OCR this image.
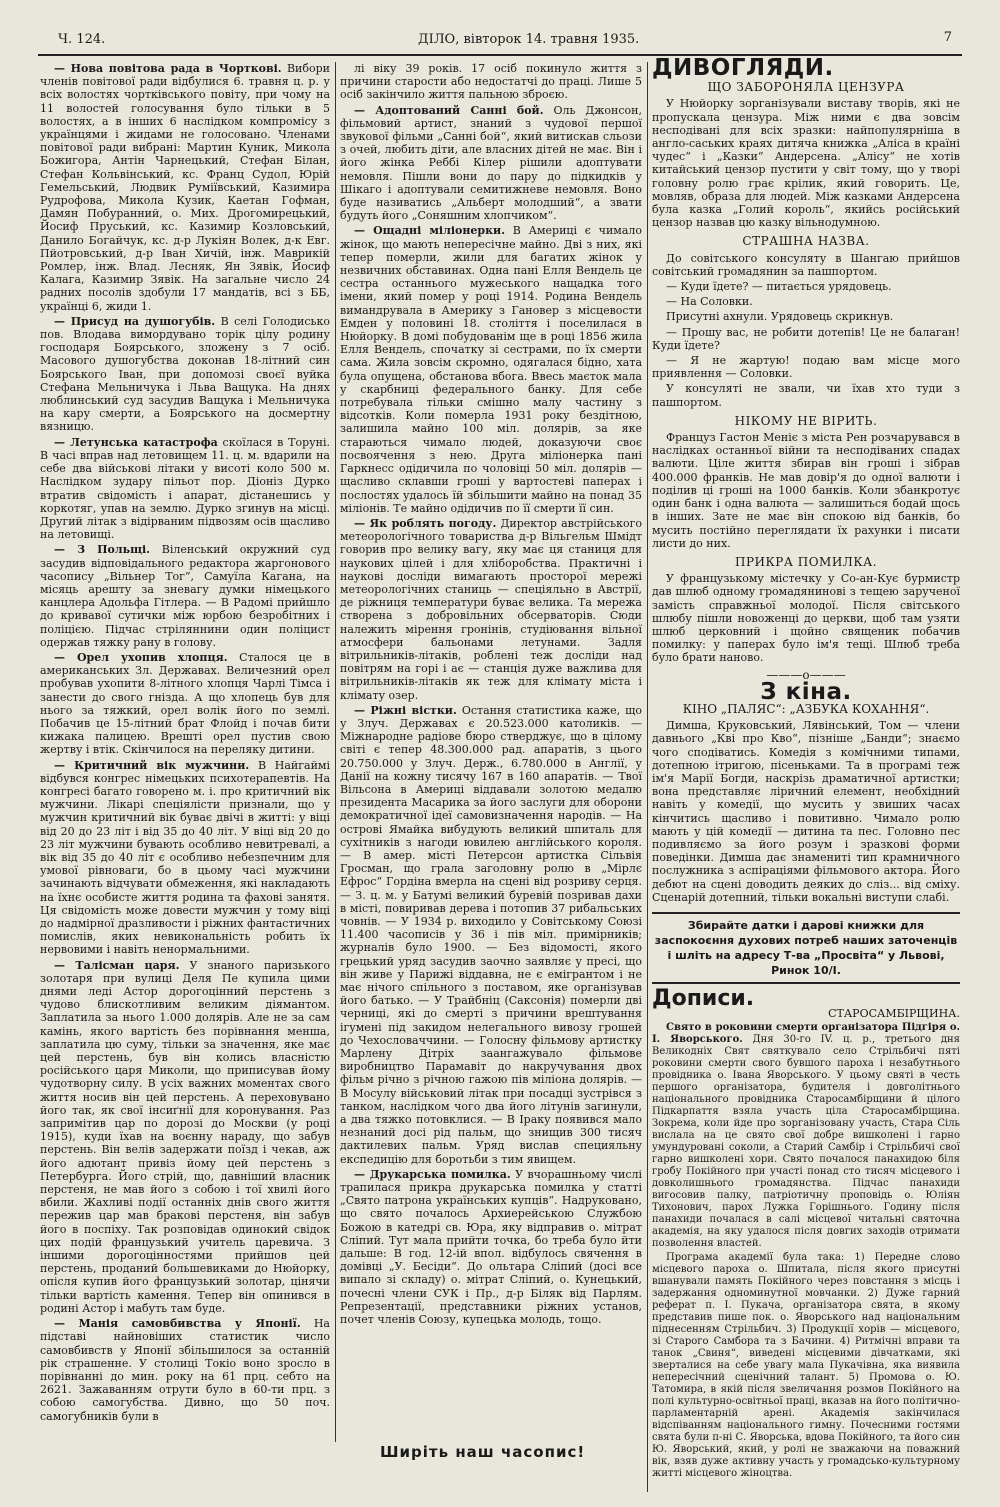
Ч. 124.	ДІЛО, вівторок 14. травня 1935.	7

— Нова повітова рада в Чорткові. Вибори членів повітової ради відбулися 6. травня ц. р. у всіх волостях чортківського повіту, при чому на 11 волостей голосування було тільки в 5 волостях, а в інших 6 наслідком компромісу з українцями і жидами не голосовано. Членами повітової ради вибрані: Мартин Куник, Микола Божигора, Антін Чарнецький, Стефан Білан, Стефан Кольвінський, кс. Франц Судол, Юрій Гемельський, Людвик Руміївський, Казимира Рудрофова, Микола Кузик, Каетан Гофман, Дамян Побуранний, о. Мих. Дрогомирецький, Йосиф Пруський, кс. Казимир Козловський, Данило Богайчук, кс. д-р Лукіян Волек, д-к Евг. Пйотровський, д-р Іван Хичій, інж. Маврикій Ромлер, інж. Влад. Лесняк, Ян Зявік, Йосиф Калага, Казимир Зявік. На загальне число 24 радних посолів здобули 17 мандатів, всі з ББ, українці 6, жиди 1.

— Присуд на душогубів. В селі Голодисько пов. Влодава вимордувано торік цілу родину господаря Боярського, зложену з 7 осіб. Масового душогубства доконав 18-літний син Боярського Іван, при допомозі своєї вуйка Стефана Мельничука і Льва Ващука. На днях люблинський суд засудив Ващука і Мельничука на кару смерти, а Боярського на досмертну вязницю.

— Летунська катастрофа скоїлася в Торуні. В часі вправ над летовищем 11. ц. м. вдарили на себе два військові літаки у висоті коло 500 м. Наслідком зудару пільот пор. Діоніз Дурко втратив свідомість і апарат, дістанешись у коркотяг, упав на землю. Дурко згинув на місці. Другий літак з відірваним підвозям осів щасливо на летовищі.

— З Польщі. Віленський окружний суд засудив відповідального редактора жаргонового часопису „Вільнер Тог“, Самуїла Кагана, на місяць арешту за зневагу думки німецького канцлера Адольфа Гітлера. — В Радомі прийшло до кривавої сутички між юрбою безробітних і поліцією. Підчас стріляннини один поліцист одержав тяжку рану в голову.

— Орел ухопив хлопця. Сталося це в американських Зл. Державах. Величезний орел пробував ухопити 8-літного хлопця Чарлі Тімса і занести до свого гнізда. А що хлопець був для нього за тяжкий, орел волік його по землі. Побачив це 15-літний брат Флойд і почав бити кижака палицею. Врешті орел пустив свою жертву і втік. Скінчилося на переляку дитини.

— Критичний вік мужчини. В Найгаймі відбувся конгрес німецьких психотерапевтів. На конгресі багато говорено м. і. про критичний вік мужчини. Лікарі спеціялісти признали, що у мужчин критичний вік буває двічі в житті: у віці від 20 до 23 літ і від 35 до 40 літ. У віці від 20 до 23 літ мужчини бувають особливо невитревалі, а вік від 35 до 40 літ є особливо небезпечним для умової рівноваги, бо в цьому часі мужчини зачинають відчувати обмеження, які накладають на їхнє особисте життя родина та фахові занятя. Ця свідомість може довести мужчин у тому віці до надмірної дразливости і ріжних фантастичних помислів, яких невикональність робить їх нервовими і навіть ненормальними.

— Талісман царя. У знаного паризького золотаря при вулиці Деля Пе купила цими днями леді Астор дорогоцінний перстень з чудово блискотливим великим діямантом. Заплатила за нього 1.000 долярів. Але не за сам камінь, якого вартість без порівнання менша, заплатила цю суму, тільки за значення, яке має цей перстень, був він колись власністю російського царя Миколи, що приписував йому чудотворну силу. В усіх важних моментах свого життя носив він цей перстень. А переховувано його так, як свої інсиґнії для коронування. Раз запримітив цар по дорозі до Москви (у році 1915), куди їхав на воєнну нараду, що забув перстень. Він велів задержати поїзд і чекав, аж його адютант привіз йому цей перстень з Петербурга. Його стрій, що, давніший власник перстеня, не мав його з собою і тої хвилі його вбили. Жахливі події останніх днів свого життя пережив цар мав бракові перстеня, він забув його в поспіху. Так розповідав одинокий свідок цих подій французький учитель царевича. З іншими дорогоцінностями прийшов цей перстень, проданий большевиками до Нюйорку, опісля купив його французький золотар, цінячи тільки вартість камення. Тепер він опинився в родині Астор і мабуть там буде.

— Манія самовбивства у Японії. На підставі найновіших статистик число самовбивств у Японії збільшилося за останній рік страшенне. У столиці Токіо воно зросло в порівнанні до мин. року на 61 прц. себто на 2621. Зажаванням отрути було в 60-ти прц. з собою самогубства. Дивно, що 50 поч. самогубників були в

лі віку 39 років. 17 осіб покинуло життя з причини старости або недостатчі до праці. Лише 5 осіб закінчило життя пальною зброєю.

— Адоптований Санні бой. Оль Джонсон, фільмовий артист, знаний з чудової першої звукової фільми „Санні бой“, який витискав сльози з очей, любить діти, але власних дітей не має. Він і його жінка Реббі Кілер рішили адоптувати немовля. Пішли вони до пару до підкидків у Шікаго і адоптували семитижневе немовля. Воно буде називатись „Альберт молодший“, а звати будуть його „Соняшним хлопчиком“.

— Ощадні міліонерки. В Америці є чимало жінок, що мають непересічне майно. Дві з них, які тепер померли, жили для багатих жінок у незвичних обставинах. Одна пані Елля Вендель це сестра останнього мужеського нащадка того імени, який помер у році 1914. Родина Вендель вимандрувала в Америку з Гановер з місцевости Емден у половині 18. століття і поселилася в Нюйорку. В домі побудованім ще в році 1856 жила Елля Вендель, спочатку зі сестрами, по їх смерти сама. Жила зовсім скромно, одягалася бідно, хата була опущена, обстанова вбога. Ввесь маєток мала у скарбниці федерального банку. Для себе потребувала тільки смішно малу частину з відсотків. Коли померла 1931 року бездітною, залишила майно 100 міл. долярів, за яке стараються чимало людей, доказуючи своє посвоячення з нею. Друга міліонерка пані Гаркнесс одідичила по чоловіці 50 міл. долярів — щасливо склавши гроші у вартостеві паперах і послостях удалось їй збільшити майно на понад 35 міліонів. Те майно одідичив по її смерти її син.

— Як роблять погоду. Директор австрійського метеорологічного товариства д-р Вільгельм Шмідт говорив про велику вагу, яку має ця станиця для наукових цілей і для хліборобства. Практичні і наукові досліди вимагають просторої мережі метеорологічних станиць — спеціяльно в Австрії, де ріжниця температури буває велика. Та мережа створена з добровільних обсерваторів. Сюди належить мірення гронінів, студіювання вільної атмосфери бальонами летунами. Задля вітрильників-літаків, роблені теж досліди над повітрям на горі і ає — станція дуже важлива для вітрильників-літаків як теж для клімату міста і клімату озер.

— Ріжні вістки. Остання статистика каже, що у Злуч. Державах є 20.523.000 католиків. — Міжнародне радіове бюро стверджує, що в цілому світі є тепер 48.300.000 рад. апаратів, з цього 20.750.000 у Злуч. Держ., 6.780.000 в Англії, у Данії на кожну тисячу 167 в 160 апаратів. — Твої Вільсона в Америці віддавали золотою медалю президента Масарика за його заслуги для оборони демократичної ідеї самовизначення народів. — На острові Ямайка вибудують великий шпиталь для сухітників з нагоди ювилею англійського короля. — В амер. місті Петерсон артистка Сільвія Гросман, що грала заголовну ролю в „Мірлє Ефрос“ Гордіна вмерла на сцені від розриву серця. — З. ц. м. у Батумі великий буревій позривав дахи в місті, повиривав дерева і потопив 37 рибальських човнів. — У 1934 р. виходило у Совітському Союзі 11.400 часописів у 36 і пів міл. примірників; журналів було 1900. — Без відомості, якого грецький уряд засудив заочно заявляє у пресі, що він живе у Парижі віддавна, не є емігрантом і не має нічого спільного з поставом, яке організував його батько. — У Трайбніц (Саксонія) померли дві черниці, які до смерті з причини врештування ігумені під закидом нелегального вивозу грошей до Чехословаччини. — Голосну фільмову артистку Марлену Дітріх заангажувало фільмове виробництво Парамавіт до накручування двох фільм річно з річною гажою пів міліона долярів. — В Мосулу військовий літак при посадці зустрівся з танком, наслідком чого два його літунів загинули, а два тяжко потовклися. — В Іраку появився мало незнаний досі рід пальм, що знищив 300 тисяч дактилевих пальм. Уряд вислав специяльну експедицію для боротьби з тим явищем.

— Друкарська помилка. У вчорашньому числі трапилася прикра друкарська помилка у статті „Свято патрона українських купців“. Надруковано, що свято почалось Архиерейською Службою Божою в катедрі св. Юра, яку відправив о. мітрат Сліпий. Тут мала прийти точка, бо треба було йти дальше: В год. 12-ій впол. відбулось свячення в домівці „У. Бесіди“. До ольтара Сліпий (досі все випало зі складу) о. мітрат Сліпий, о. Кунецький, почесні члени СУК і Пр., д-р Біляк від Парлям. Репрезентації, представники ріжних установ, почет членів Союзу, купецька молодь, тощо.

ДИВОГЛЯДИ.
ЩО ЗАБОРОНЯЛА ЦЕНЗУРА

У Нюйорку зорганізували виставу творів, які не пропускала цензура. Між ними є два зовсім несподівані для всіх зразки: найпопулярніша в англо-саських краях дитяча книжка „Аліса в країні чудес“ і „Казки“ Андерсена. „Алісу“ не хотів китайський цензор пустити у світ тому, що у творі головну ролю грає крілик, який говорить. Це, мовляв, образа для людей. Між казками Андерсена була казка „Голий король“, якийсь російський цензор назвав цю казку вільнодумною.

СТРАШНА НАЗВА.

До совітського консуляту в Шангаю прийшов совітський громадянин за пашпортом.

— Куди їдете? — питається урядовець.

— На Соловки.

Присутні ахнули. Урядовець скрикнув.

— Прошу вас, не робити дотепів! Це не балаган! Куди їдете?

— Я не жартую! подаю вам місце мого приявлення — Соловки.

У консуляті не звали, чи їхав хто туди з пашпортом.

НІКОМУ НЕ ВІРИТЬ.

Француз Гастон Меніє з міста Рен розчарувався в наслідках останньої війни та несподіваних спадах валюти. Ціле життя збирав він гроші і зібрав 400.000 франків. Не мав довір'я до одної валюти і поділив ці гроші на 1000 банків. Коли збанкротує один банк і одна валюта — залишиться бодай щось в інших. Зате не має він спокою від банків, бо мусить постійно переглядати їх рахунки і писати листи до них.

ПРИКРА ПОМИЛКА.

У французькому містечку у Со-ан-Кує бурмистр дав шлюб одному громадянинові з тещею зарученої замість справжньої молодої. Після світського шлюбу пішли новоженці до церкви, щоб там узяти шлюб церковний і щойно священик побачив помилку: у паперах було ім'я тещі. Шлюб треба було брати наново.

———o———
З кіна.
КІНО „ПАЛЯС“: „АЗБУКА КОХАННЯ“.

Димша, Круковський, Лявінський, Том — члени давнього „Кві про Кво“, пізніше „Банди“; знаємо чого сподіватись. Комедія з комічними типами, дотепною ітригою, пісеньками. Та в програмі теж ім'я Марії Богди, наскрізь драматичної артистки; вона представляє ліричний елемент, необхідний навіть у комедії, що мусить у звиших часах кінчитись щасливо і повитивно. Чимало ролю мають у цій комедії — дитина та пес. Головно пес подивляємо за його розум і зразкові форми поведінки. Димша дає знамениті тип крамничного послужника з аспіраціями фільмового актора. Його дебют на сцені доводить деяких до сліз... від сміху. Сценарій дотепний, тільки вокальні виступи слабі.

Збирайте датки і дарові книжки для заспокоєння духових потреб наших заточенців і шліть на адресу Т-ва „Просвіта“ у Львові, Ринок 10/І.
Дописи.
СТАРОСАМБІРЩИНА.

Свято в роковини смерти організатора Підгіря о. І. Яворського. Дня 30-го IV. ц. р., третього дня Великодніх Свят святкувало село Стрільбичі пяті роковини смерти свого бувшого пароха і незабутнього провідника о. Івана Яворського. У цьому святі в честь першого організатора, будителя і довголітнього національного провідника Старосамбірщини й цілого Підкарпаття взяла участь ціла Старосамбірщина. Зокрема, коли йде про зорганізовану участь, Стара Сіль вислала на це свято свої добре вишколені і гарно умундуровані соколи, а Старий Самбір і Стрільбичі свої гарно вишколені хори. Свято почалося панахидою біля гробу Покійного при участі понад сто тисяч місцевого і довколишнього громадянства. Підчас панахиди вигосовив палку, патріотичну проповідь о. Юліян Тихонович, парох Лужка Горішнього. Годину після панахиди почалася в салі місцевої читальні святочна академія, на яку удалося після довгих заходів отримати позволення властей.

Програма академії була така: 1) Передне слово місцевого пароха о. Шпитала, після якого присутні вшанували память Покійного через повстання з місць і задержання одноминутної мовчанки. 2) Дуже гарний реферат п. І. Пукача, організатора свята, в якому представив пише пок. о. Яворського над національним піднесенням Стрільбич. 3) Продукції хорів — місцевого, зі Старого Самбора та з Бачини. 4) Ритмічні вправи та танок „Свиня“, виведені місцевими дівчатками, які зверталися на себе увагу мала Пукачівна, яка виявила непересічний сценічний талант. 5) Промова о. Ю. Татомира, в якій після звеличання розмов Покійного на полі культурно-освітньої праці, вказав на його політично-парламентарній арені. Академія закінчилася відспіванням національного гимну. Почесними гостями свята були п-ні С. Яворська, вдова Покійного, та його син Ю. Яворський, який, у ролі не зважаючи на поважний вік, взяв дуже активну участь у громадсько-культурному житті місцевого жіноцтва.

Ширіть наш часопис!
